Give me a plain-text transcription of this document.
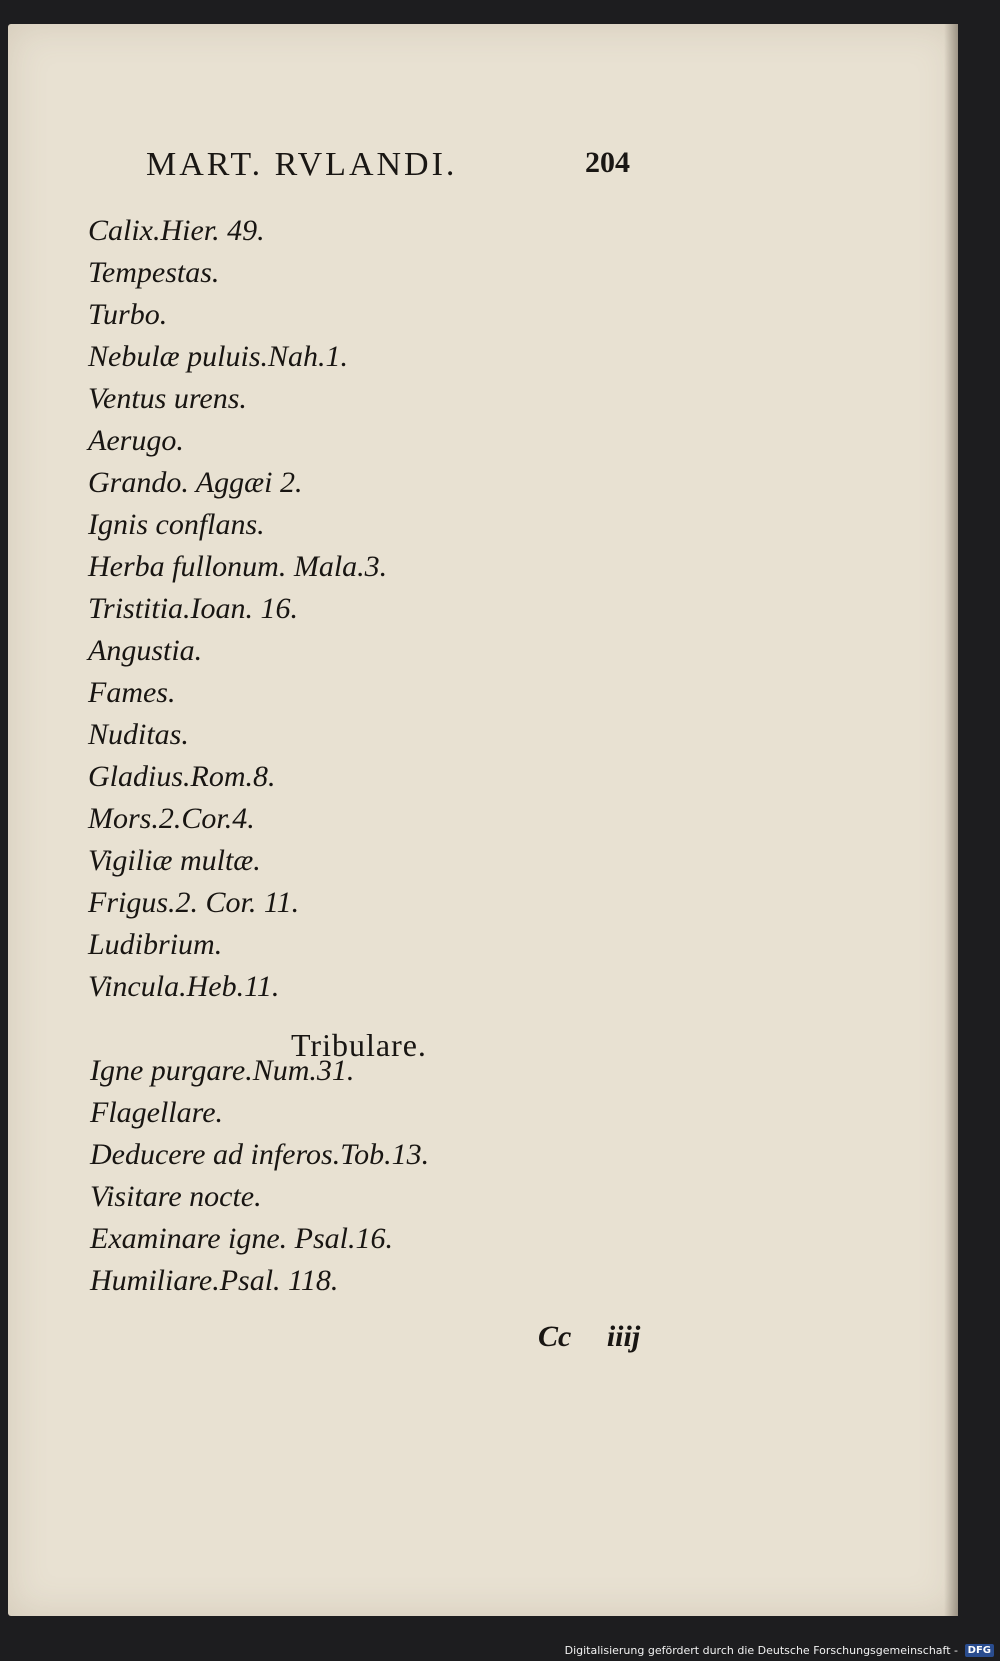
MART. RVLANDI.	204
Calix.Hier. 49.
Tempestas.
Turbo.
Nebulæ puluis.Nah.1.
Ventus urens.
Aerugo.
Grando. Aggæi 2.
Ignis conflans.
Herba fullonum. Mala.3.
Tristitia.Ioan. 16.
Angustia.
Fames.
Nuditas.
Gladius.Rom.8.
Mors.2.Cor.4.
Vigiliæ multæ.
Frigus.2. Cor. 11.
Ludibrium.
Vincula.Heb.11.
Tribulare.
Igne purgare.Num.31.
Flagellare.
Deducere ad inferos.Tob.13.
Visitare nocte.
Examinare igne. Psal.16.
Humiliare.Psal. 118.
Cc iiij
Digitalisierung gefördert durch die Deutsche Forschungsgemeinschaft - DFG
